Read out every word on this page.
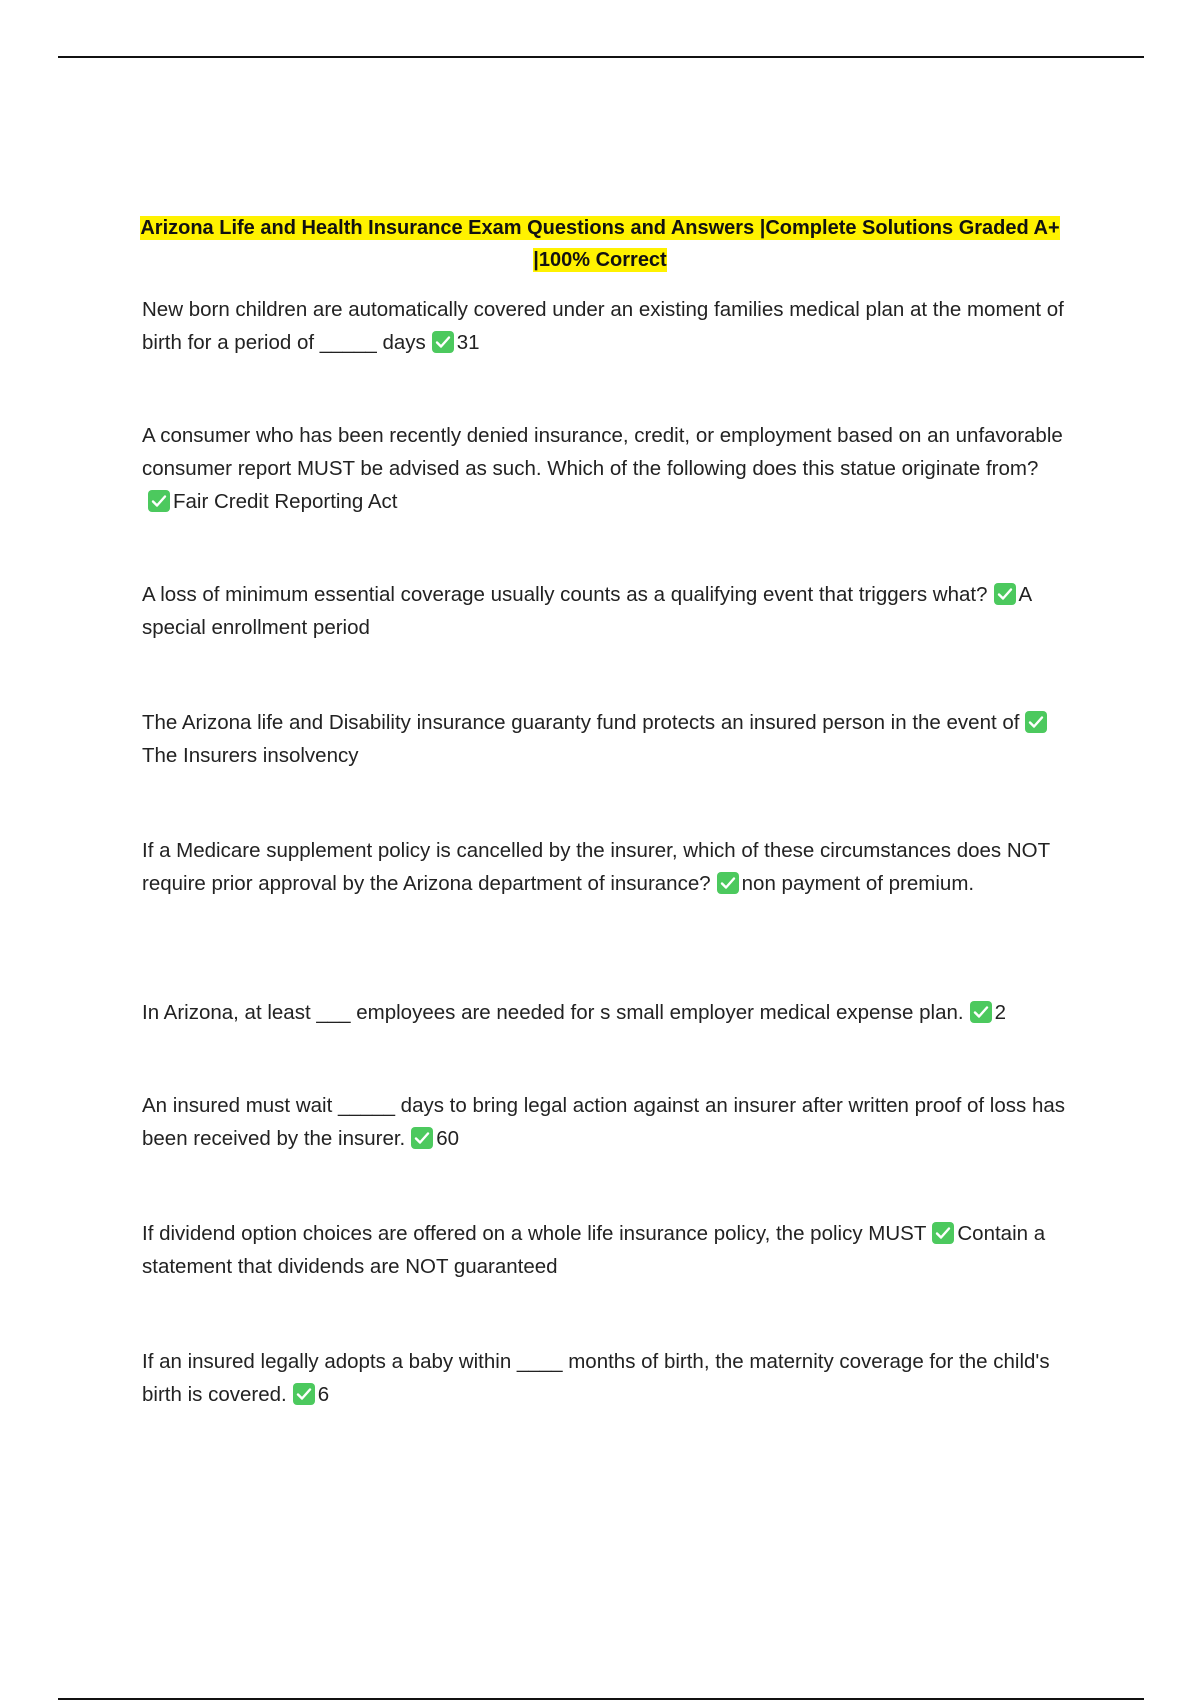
Arizona Life and Health Insurance Exam Questions and Answers |Complete Solutions Graded A+ |100% Correct
New born children are automatically covered under an existing families medical plan at the moment of birth for a period of _____ days 31
A consumer who has been recently denied insurance, credit, or employment based on an unfavorable consumer report MUST be advised as such. Which of the following does this statue originate from?
Fair Credit Reporting Act
A loss of minimum essential coverage usually counts as a qualifying event that triggers what? A special enrollment period
The Arizona life and Disability insurance guaranty fund protects an insured person in the event of
The Insurers insolvency
If a Medicare supplement policy is cancelled by the insurer, which of these circumstances does NOT require prior approval by the Arizona department of insurance? non payment of premium.
In Arizona, at least ___ employees are needed for s small employer medical expense plan. 2
An insured must wait _____ days to bring legal action against an insurer after written proof of loss has been received by the insurer. 60
If dividend option choices are offered on a whole life insurance policy, the policy MUST Contain a statement that dividends are NOT guaranteed
If an insured legally adopts a baby within ____ months of birth, the maternity coverage for the child's birth is covered. 6
